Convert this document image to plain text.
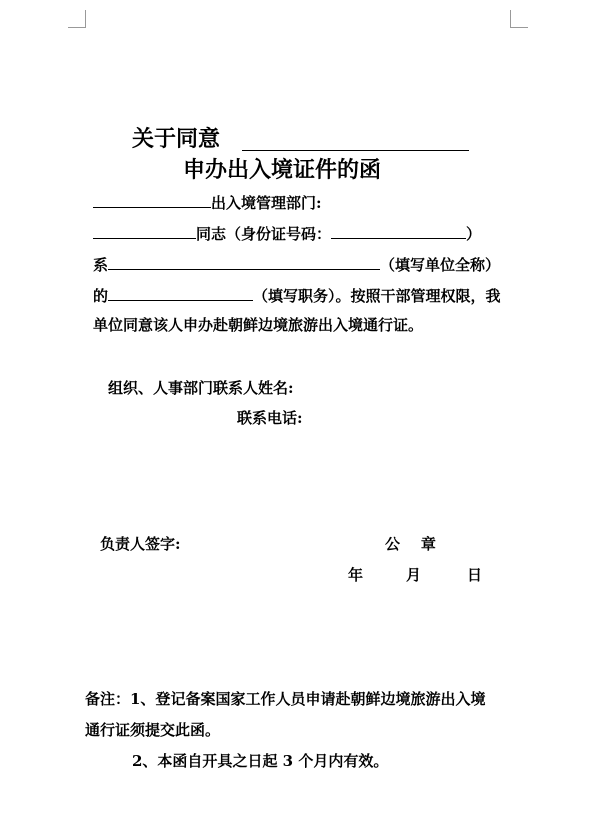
关于同意
申办出入境证件的函
出入境管理部门:
同志（身份证号码：	）
系	（填写单位全称）
的	（填写职务）。按照干部管理权限，我
单位同意该人申办赴朝鲜边境旅游出入境通行证。
组织、人事部门联系人姓名:
联系电话:
负责人签字:	公    章
年	月	日
备注：1、登记备案国家工作人员申请赴朝鲜边境旅游出入境
通行证须提交此函。
2、本函自开具之日起 3 个月内有效。
